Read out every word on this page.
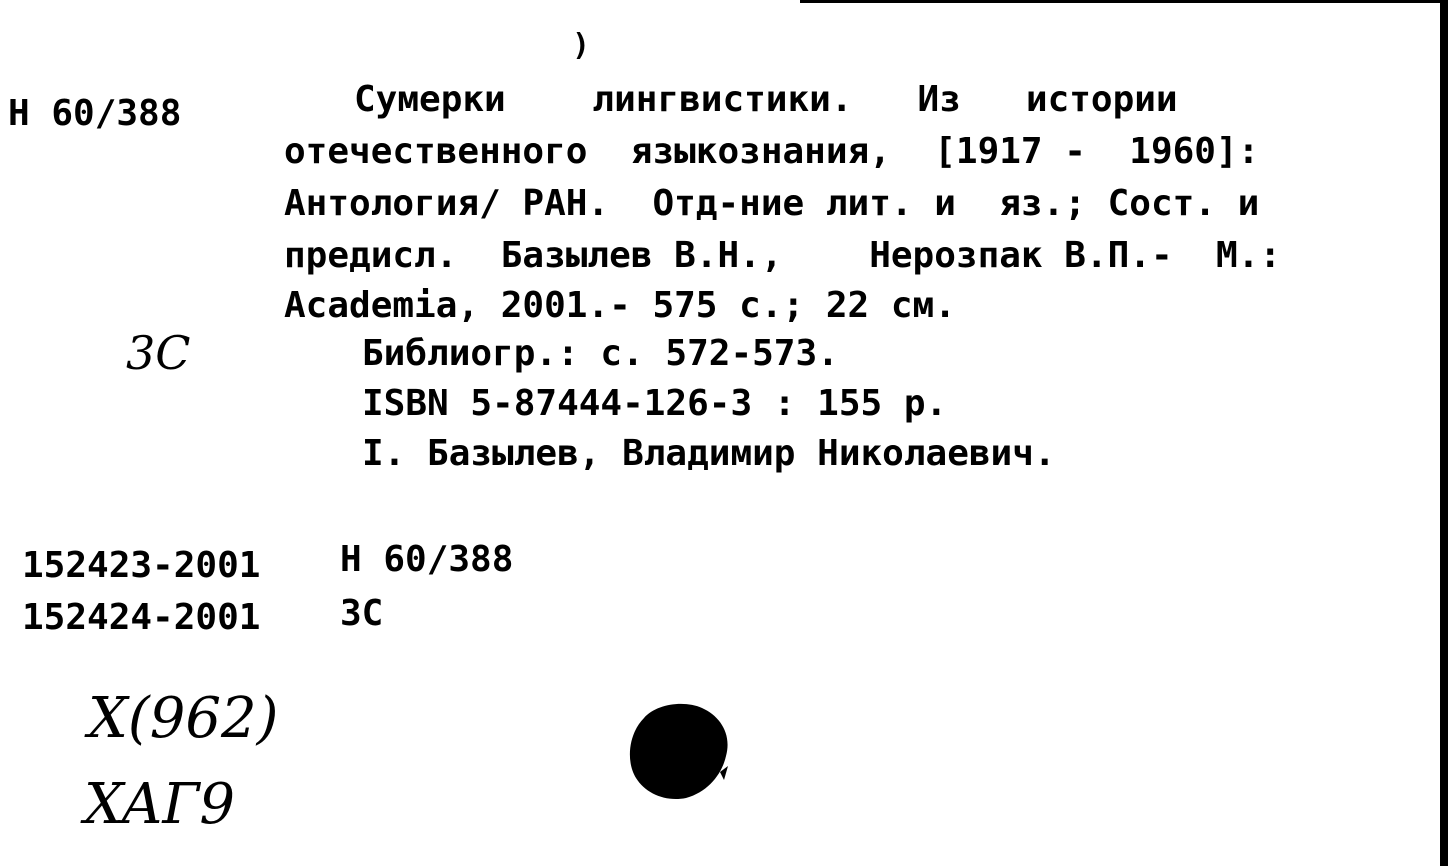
)
Н 60/388	Сумерки    лингвистики.   Из   истории
отечественного  языкознания,  [1917 -  1960]:
Антология/ РАН.  Отд-ние лит. и  яз.; Сост. и
предисл.  Базылев В.Н.,    Нерозпак В.П.-  М.:
Academia, 2001.- 575 с.; 22 см.
3С	Библиогр.: с. 572-573.
ISBN 5-87444-126-3 : 155 р.
I. Базылев, Владимир Николаевич.
152423-2001 Н 60/388
152424-2001 3С
X(962)
XAГ9
